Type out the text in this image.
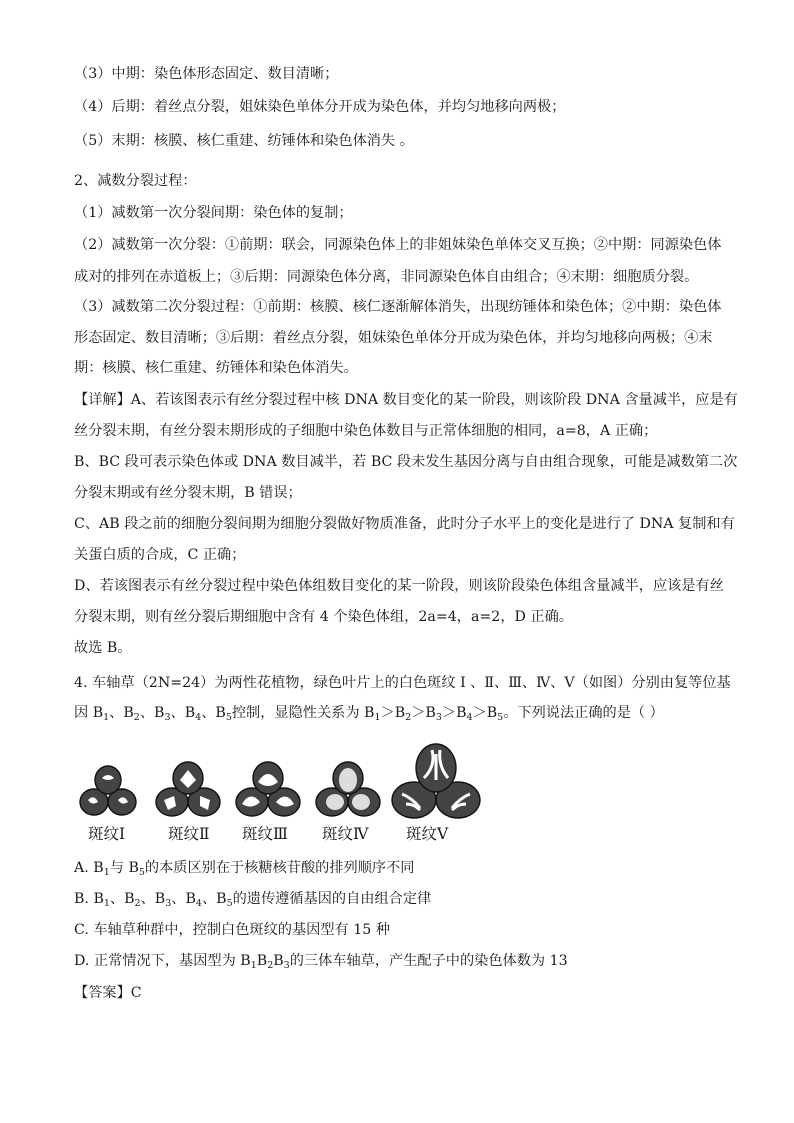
（3）中期：染色体形态固定、数目清晰；
（4）后期：着丝点分裂，姐妹染色单体分开成为染色体，并均匀地移向两极；
（5）末期：核膜、核仁重建、纺锤体和染色体消失 。
2、减数分裂过程：
（1）减数第一次分裂间期：染色体的复制；
（2）减数第一次分裂：①前期：联会，同源染色体上的非姐妹染色单体交叉互换；②中期：同源染色体
成对的排列在赤道板上；③后期：同源染色体分离，非同源染色体自由组合；④末期：细胞质分裂。
（3）减数第二次分裂过程：①前期：核膜、核仁逐渐解体消失，出现纺锤体和染色体；②中期：染色体
形态固定、数目清晰；③后期：着丝点分裂，姐妹染色单体分开成为染色体，并均匀地移向两极；④末
期：核膜、核仁重建、纺锤体和染色体消失。
【详解】A、若该图表示有丝分裂过程中核 DNA 数目变化的某一阶段，则该阶段 DNA 含量减半，应是有
丝分裂末期，有丝分裂末期形成的子细胞中染色体数目与正常体细胞的相同，a=8，A 正确；
B、BC 段可表示染色体或 DNA 数目减半，若 BC 段未发生基因分离与自由组合现象，可能是减数第二次
分裂末期或有丝分裂末期，B 错误；
C、AB 段之前的细胞分裂间期为细胞分裂做好物质准备，此时分子水平上的变化是进行了 DNA 复制和有
关蛋白质的合成，C 正确；
D、若该图表示有丝分裂过程中染色体组数目变化的某一阶段，则该阶段染色体组含量减半，应该是有丝
分裂末期，则有丝分裂后期细胞中含有 4 个染色体组，2a=4，a=2，D 正确。
故选 B。
4. 车轴草（2N=24）为两性花植物，绿色叶片上的白色斑纹 Ⅰ 、Ⅱ、Ⅲ、Ⅳ、Ⅴ（如图）分别由复等位基
因 $B_1$、$B_2$、$B_3$、$B_4$、$B_5$控制，显隐性关系为 $B_1>B_2>B_3>B_4>B_5$。下列说法正确的是（ ）
斑纹Ⅰ	斑纹Ⅱ 斑纹Ⅲ 斑纹Ⅳ 斑纹Ⅴ
A. $B_1$与 $B_5$的本质区别在于核糖核苷酸的排列顺序不同
B. $B_1$、$B_2$、$B_3$、$B_4$、$B_5$的遗传遵循基因的自由组合定律
C. 车轴草种群中，控制白色斑纹的基因型有 15 种
D. 正常情况下，基因型为 $B_1B_2B_3$的三体车轴草，产生配子中的染色体数为 13
【答案】C
